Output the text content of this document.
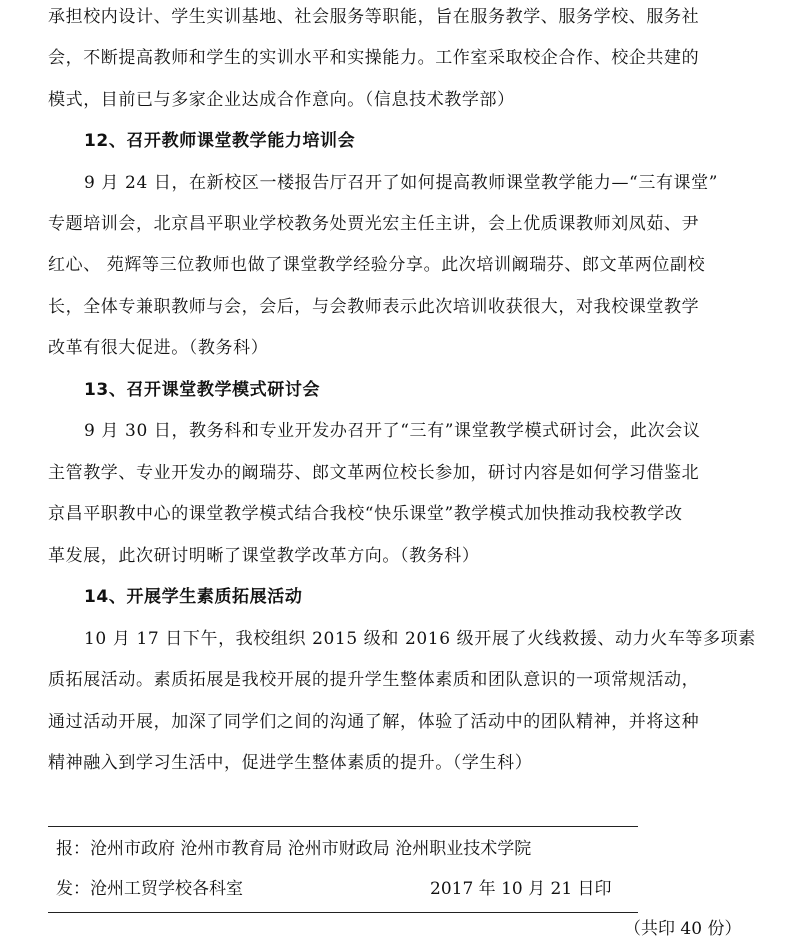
承担校内设计、学生实训基地、社会服务等职能，旨在服务教学、服务学校、服务社
会，不断提高教师和学生的实训水平和实操能力。工作室采取校企合作、校企共建的
模式，目前已与多家企业达成合作意向。（信息技术教学部）
12、召开教师课堂教学能力培训会
9 月 24 日，在新校区一楼报告厅召开了如何提高教师课堂教学能力—“三有课堂”
专题培训会，北京昌平职业学校教务处贾光宏主任主讲，会上优质课教师刘凤茹、尹
红心、 苑辉等三位教师也做了课堂教学经验分享。此次培训阚瑞芬、郎文革两位副校
长，全体专兼职教师与会，会后，与会教师表示此次培训收获很大，对我校课堂教学
改革有很大促进。（教务科）
13、召开课堂教学模式研讨会
9 月 30 日，教务科和专业开发办召开了“三有”课堂教学模式研讨会，此次会议
主管教学、专业开发办的阚瑞芬、郎文革两位校长参加，研讨内容是如何学习借鉴北
京昌平职教中心的课堂教学模式结合我校“快乐课堂”教学模式加快推动我校教学改
革发展，此次研讨明晰了课堂教学改革方向。（教务科）
14、开展学生素质拓展活动
10 月 17 日下午，我校组织 2015 级和 2016 级开展了火线救援、动力火车等多项素
质拓展活动。素质拓展是我校开展的提升学生整体素质和团队意识的一项常规活动，
通过活动开展，加深了同学们之间的沟通了解，体验了活动中的团队精神，并将这种
精神融入到学习生活中，促进学生整体素质的提升。（学生科）
报：沧州市政府 沧州市教育局 沧州市财政局 沧州职业技术学院
发：沧州工贸学校各科室	2017 年 10 月 21 日印
（共印 40 份）
